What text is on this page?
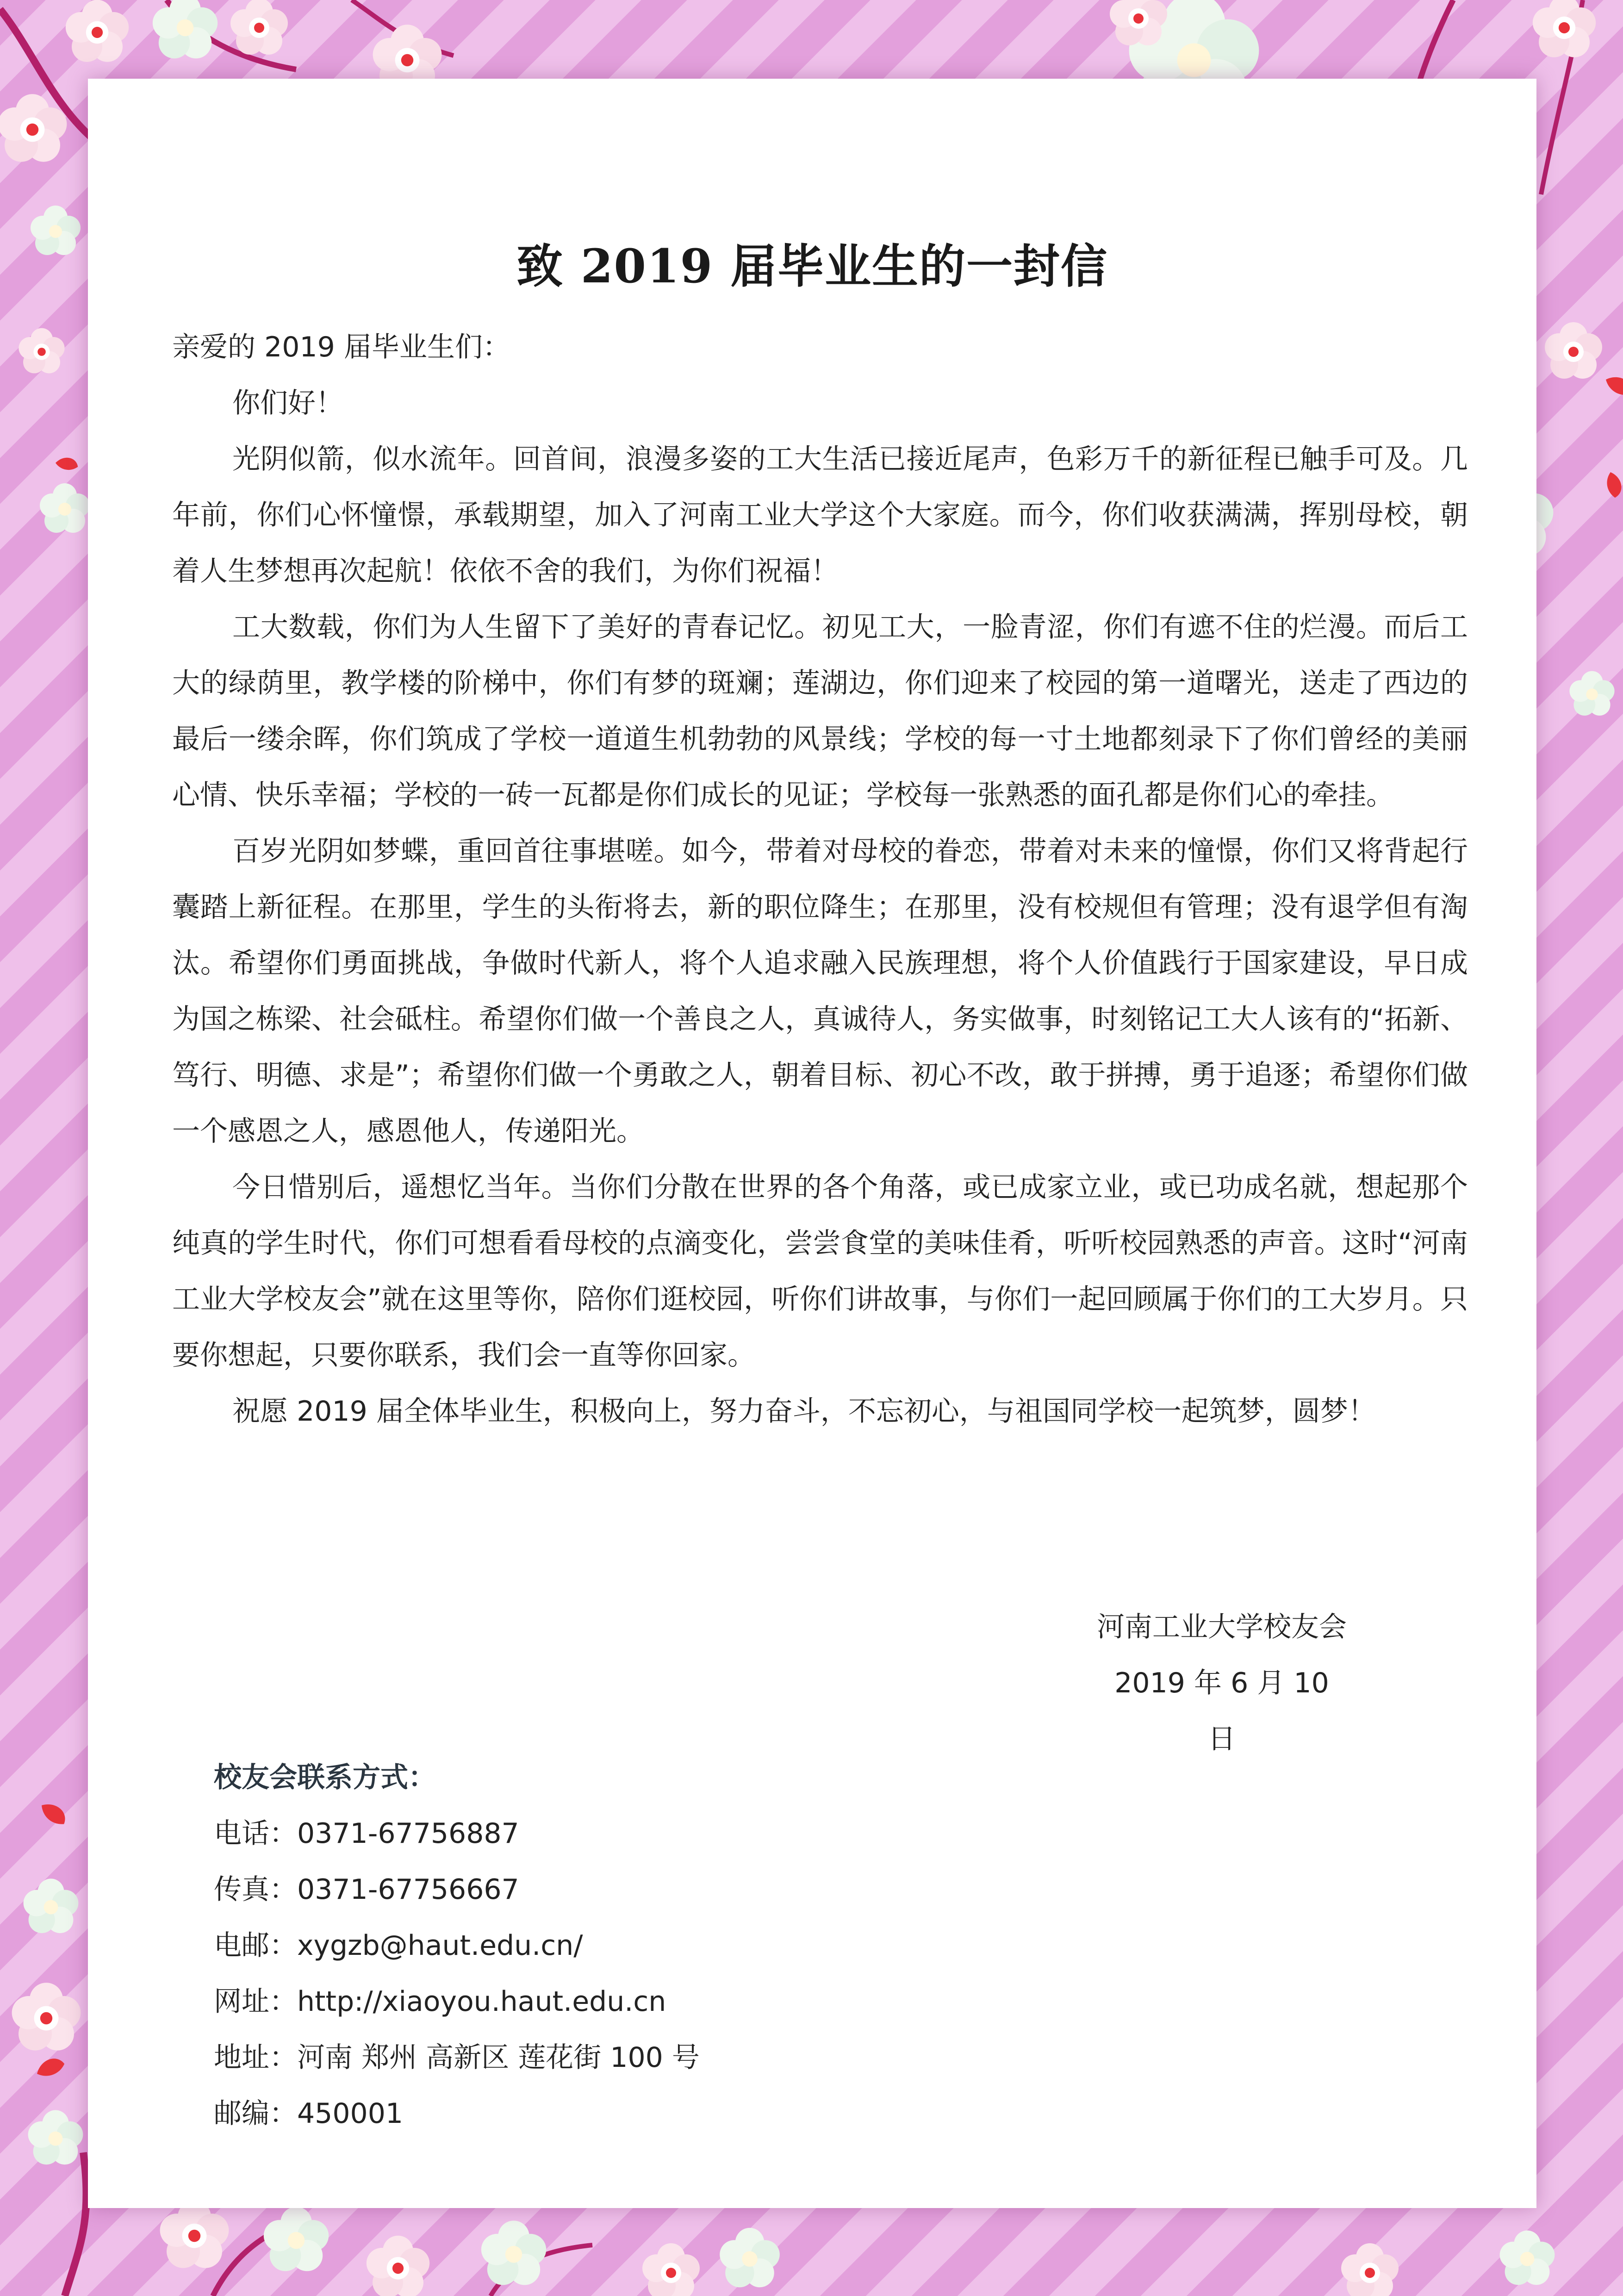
致 2019 届毕业生的一封信

亲爱的 2019 届毕业生们：

你们好！

光阴似箭，似水流年。回首间，浪漫多姿的工大生活已接近尾声，色彩万千的新征程已触手可及。几年前，你们心怀憧憬，承载期望，加入了河南工业大学这个大家庭。而今，你们收获满满，挥别母校，朝着人生梦想再次起航！依依不舍的我们，为你们祝福！

工大数载，你们为人生留下了美好的青春记忆。初见工大，一脸青涩，你们有遮不住的烂漫。而后工大的绿荫里，教学楼的阶梯中，你们有梦的斑斓；莲湖边，你们迎来了校园的第一道曙光，送走了西边的最后一缕余晖，你们筑成了学校一道道生机勃勃的风景线；学校的每一寸土地都刻录下了你们曾经的美丽心情、快乐幸福；学校的一砖一瓦都是你们成长的见证；学校每一张熟悉的面孔都是你们心的牵挂。

百岁光阴如梦蝶，重回首往事堪嗟。如今，带着对母校的眷恋，带着对未来的憧憬，你们又将背起行囊踏上新征程。在那里，学生的头衔将去，新的职位降生；在那里，没有校规但有管理；没有退学但有淘汰。希望你们勇面挑战，争做时代新人，将个人追求融入民族理想，将个人价值践行于国家建设，早日成为国之栋梁、社会砥柱。希望你们做一个善良之人，真诚待人，务实做事，时刻铭记工大人该有的“拓新、笃行、明德、求是”；希望你们做一个勇敢之人，朝着目标、初心不改，敢于拼搏，勇于追逐；希望你们做一个感恩之人，感恩他人，传递阳光。

今日惜别后，遥想忆当年。当你们分散在世界的各个角落，或已成家立业，或已功成名就，想起那个纯真的学生时代，你们可想看看母校的点滴变化，尝尝食堂的美味佳肴，听听校园熟悉的声音。这时“河南工业大学校友会”就在这里等你，陪你们逛校园，听你们讲故事，与你们一起回顾属于你们的工大岁月。只要你想起，只要你联系，我们会一直等你回家。

祝愿 2019 届全体毕业生，积极向上，努力奋斗，不忘初心，与祖国同学校一起筑梦，圆梦！

河南工业大学校友会
2019 年 6 月 10 日
校友会联系方式：
电话：0371-67756887
传真：0371-67756667
电邮：xygzb@haut.edu.cn/
网址：http://xiaoyou.haut.edu.cn
地址：河南 郑州 高新区 莲花街 100 号
邮编：450001
